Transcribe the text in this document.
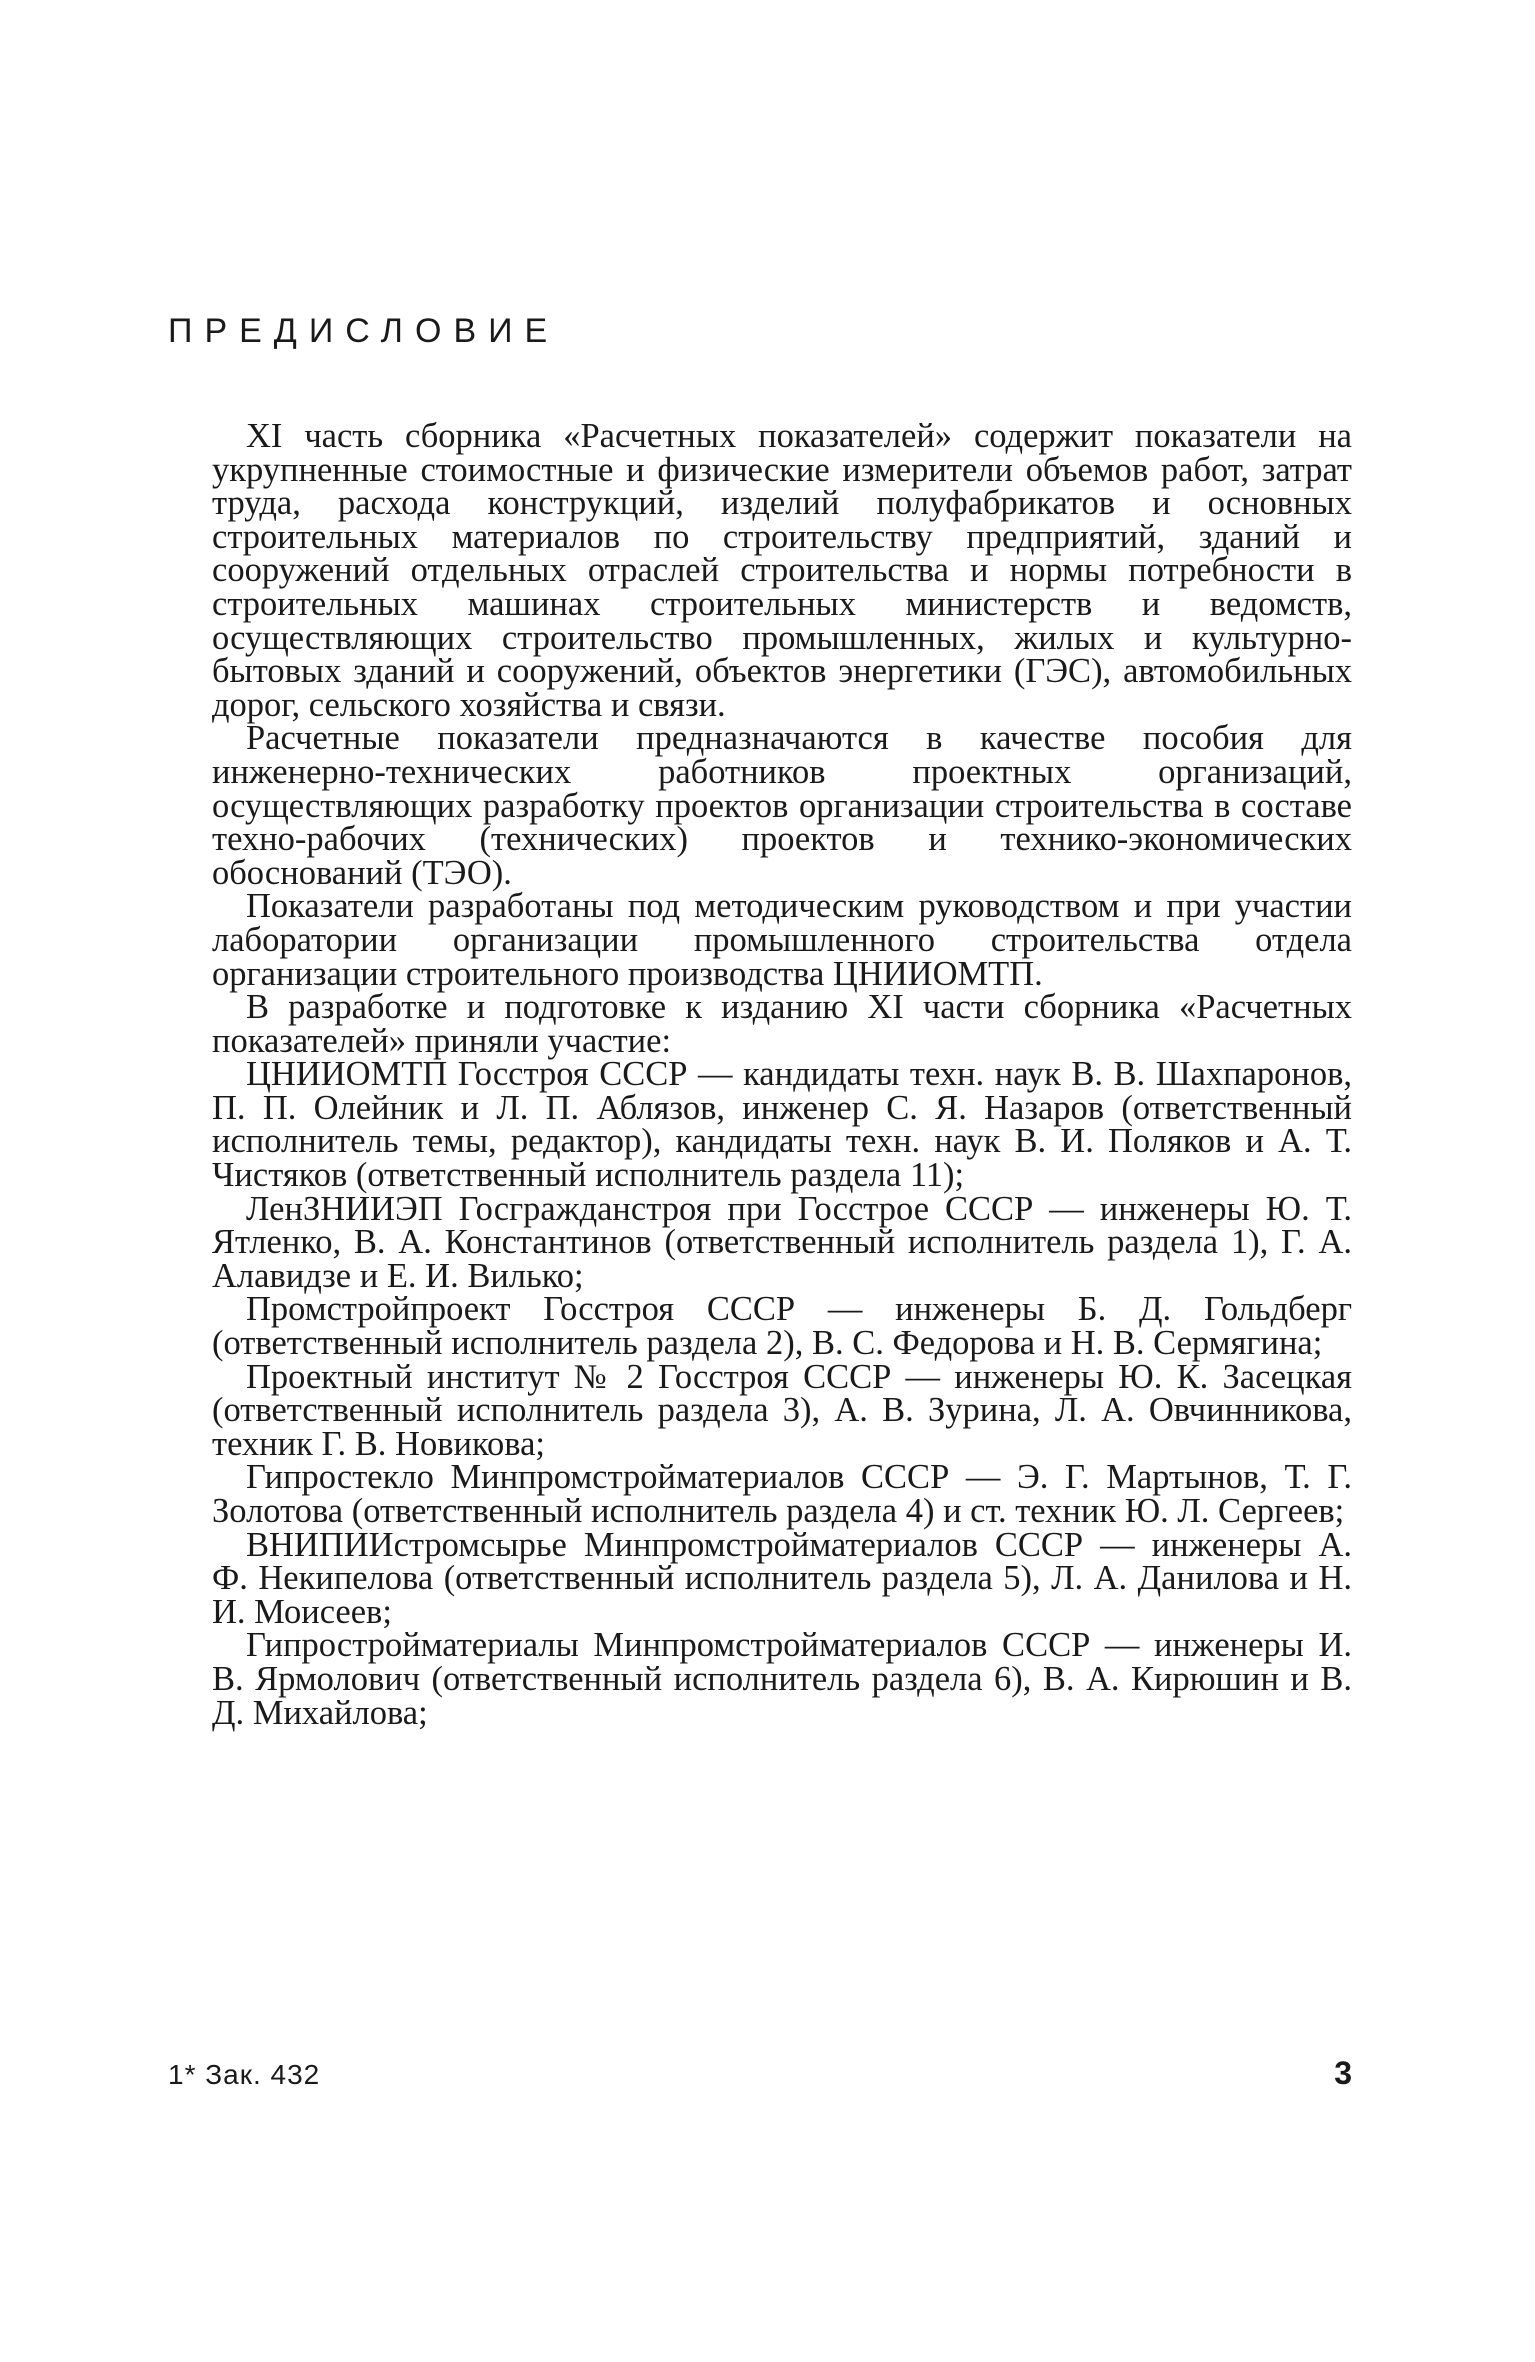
ПРЕДИСЛОВИЕ

XI часть сборника «Расчетных показателей» содержит показатели на укрупненные стоимостные и физические измерители объемов работ, затрат труда, расхода конструкций, изделий полуфабрикатов и основных строительных материалов по строительству предприятий, зданий и сооружений отдельных отраслей строительства и нормы потребности в строительных машинах строительных министерств и ведомств, осуществляющих строительство промышленных, жилых и культурно-бытовых зданий и сооружений, объектов энергетики (ГЭС), автомобильных дорог, сельского хозяйства и связи.

Расчетные показатели предназначаются в качестве пособия для инженерно-технических работников проектных организаций, осуществляющих разработку проектов организации строительства в составе техно-рабочих (технических) проектов и технико-экономических обоснований (ТЭО).

Показатели разработаны под методическим руководством и при участии лаборатории организации промышленного строительства отдела организации строительного производства ЦНИИОМТП.

В разработке и подготовке к изданию XI части сборника «Расчетных показателей» приняли участие:

ЦНИИОМТП Госстроя СССР — кандидаты техн. наук В. В. Шахпаронов, П. П. Олейник и Л. П. Аблязов, инженер С. Я. Назаров (ответственный исполнитель темы, редактор), кандидаты техн. наук В. И. Поляков и А. Т. Чистяков (ответственный исполнитель раздела 11);

ЛенЗНИИЭП Госгражданстроя при Госстрое СССР — инженеры Ю. Т. Ятленко, В. А. Константинов (ответственный исполнитель раздела 1), Г. А. Алавидзе и Е. И. Вилько;

Промстройпроект Госстроя СССР — инженеры Б. Д. Гольдберг (ответственный исполнитель раздела 2), В. С. Федорова и Н. В. Сермягина;

Проектный институт № 2 Госстроя СССР — инженеры Ю. К. Засецкая (ответственный исполнитель раздела 3), А. В. Зурина, Л. А. Овчинникова, техник Г. В. Новикова;

Гипростекло Минпромстройматериалов СССР — Э. Г. Мартынов, Т. Г. Золотова (ответственный исполнитель раздела 4) и ст. техник Ю. Л. Сергеев;

ВНИПИИстромсырье Минпромстройматериалов СССР — инженеры А. Ф. Некипелова (ответственный исполнитель раздела 5), Л. А. Данилова и Н. И. Моисеев;

Гипростройматериалы Минпромстройматериалов СССР — инженеры И. В. Ярмолович (ответственный исполнитель раздела 6), В. А. Кирюшин и В. Д. Михайлова;

1* Зак. 432	3
